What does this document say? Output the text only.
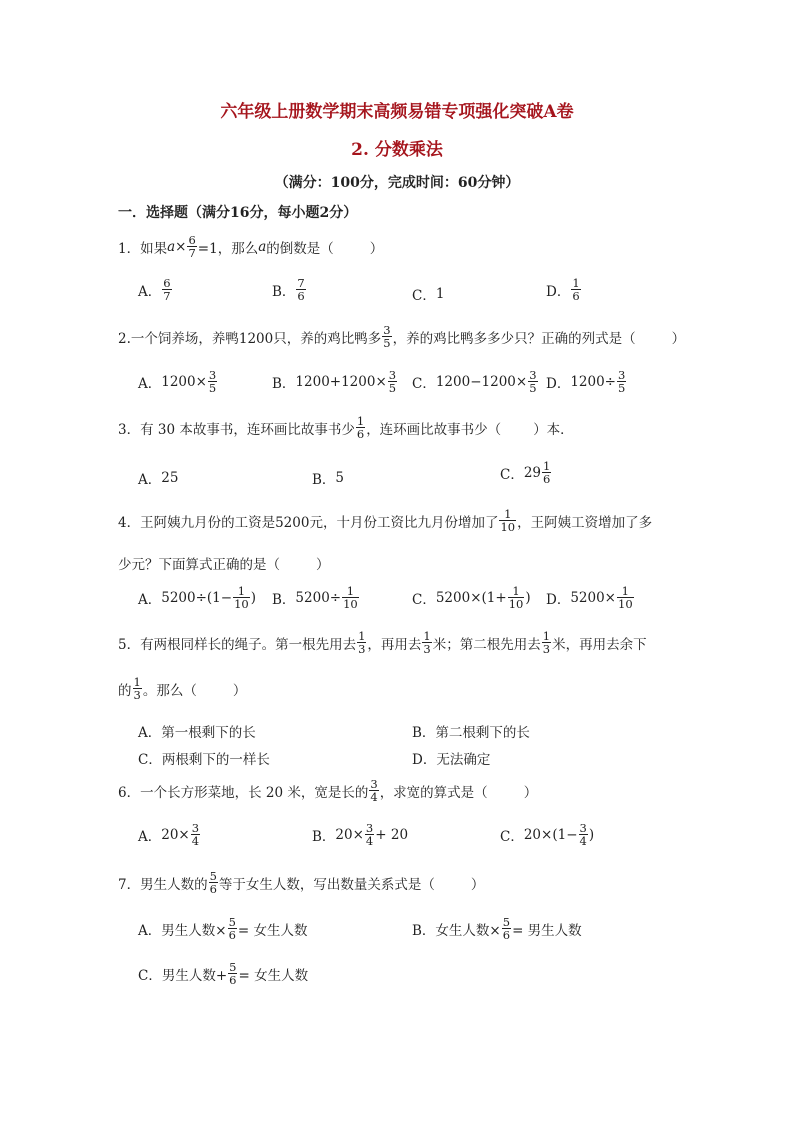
六年级上册数学期末高频易错专项强化突破A卷
2. 分数乘法
（满分：100分，完成时间：60分钟）
一．选择题（满分16分，每小题2分）
1． 如果 $a \times \frac{6}{7} =1$，那么 a 的倒数是（	）
A． $\frac{6}{7}$	B． $\frac{7}{6}$	C． 1	D． $\frac{1}{6}$
2.一个饲养场，养鸭1200只，养的鸡比鸭多 $\frac{3}{5}$ ，养的鸡比鸭多多少只？正确的列式是（	）
A． $1200\times \frac{3}{5}$	B． $1200+1200\times \frac{3}{5}$ C． $1200-1200\times \frac{3}{5}$ D． $1200\div \frac{3}{5}$
3．有 30 本故事书，连环画比故事书少 $\frac{1}{6}$ ，连环画比故事书少（ ）本．
A． 25	B． 5	C． $29 \frac{1}{6}$
4．王阿姨九月份的工资是5200元，十月份工资比九月份增加了 $\frac{1}{10}$ ，王阿姨工资增加了多
少元？下面算式正确的是（	）
A． $5200\div(1- \frac{1}{10}$ ) B． $5200\div \frac{1}{10}$	C． $5200\times(1+ \frac{1}{10}$ ) D． $5200\times \frac{1}{10}$
5．有两根同样长的绳子。第一根先用去 $\frac{1}{3}$ ，再用去 $\frac{1}{3}$ 米；第二根先用去 $\frac{1}{3}$ 米，再用去余下
的 $\frac{1}{3}$ 。那么（	）
A．第一根剩下的长	B．第二根剩下的长
C．两根剩下的一样长	D．无法确定
6．一个长方形菜地，长 20 米，宽是长的 $\frac{3}{4}$ ，求宽的算式是（	）
A． $20\times \frac{3}{4}$	B． $20\times \frac{3}{4} + 20$	C． $20\times(1- \frac{3}{4}$ )
7．男生人数的 $\frac{5}{6}$ 等于女生人数，写出数量关系式是（	）
A． 男生人数× $\frac{5}{6}$ = 女生人数	B． 女生人数× $\frac{5}{6}$ = 男生人数
C． 男生人数+ $\frac{5}{6}$ = 女生人数
